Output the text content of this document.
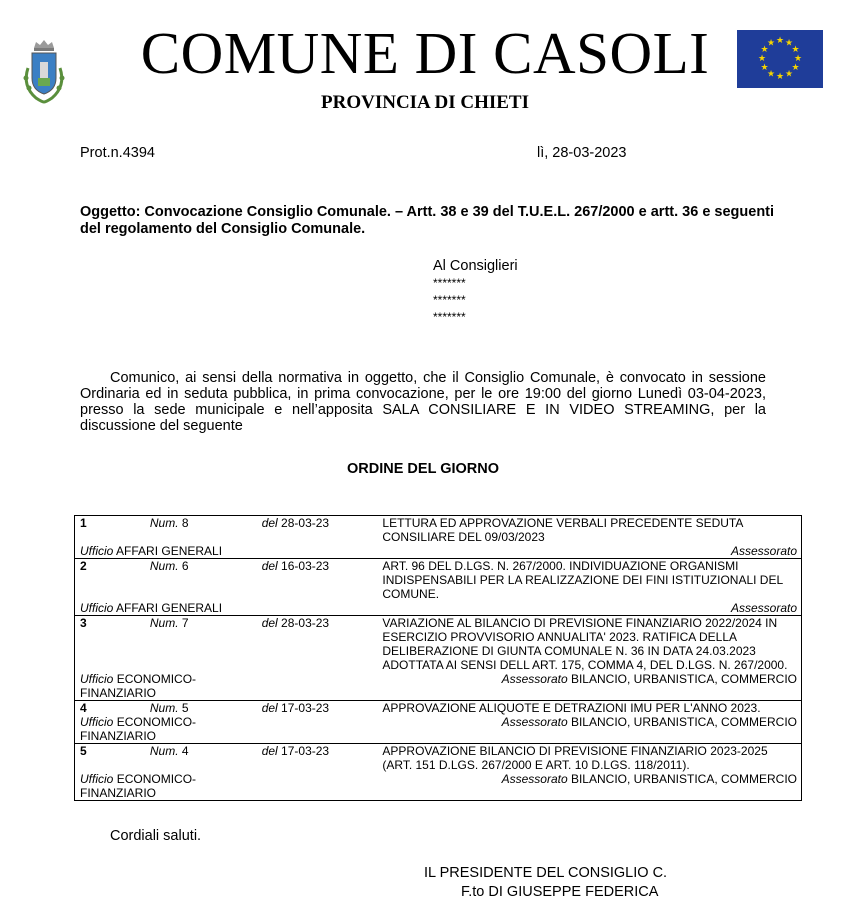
COMUNE DI CASOLI
PROVINCIA DI CHIETI
★ ★
★
★
★
★
★
★
★
★
★
★
Prot.n.4394	lì, 28-03-2023
Oggetto: Convocazione Consiglio Comunale. – Artt. 38 e 39 del T.U.E.L. 267/2000 e artt. 36 e seguenti del regolamento del Consiglio Comunale.
Al Consiglieri
*******
*******
*******
Comunico, ai sensi della normativa in oggetto, che il Consiglio Comunale, è convocato in sessione Ordinaria ed in seduta pubblica, in prima convocazione, per le ore 19:00 del giorno Lunedì 03-04-2023, presso la sede municipale e nell’apposita SALA CONSILIARE E IN VIDEO STREAMING, per la discussione del seguente
ORDINE DEL GIORNO
1	Num. 8	del 28-03-23	LETTURA ED APPROVAZIONE VERBALI PRECEDENTE SEDUTA CONSILIARE DEL 09/03/2023
Ufficio AFFARI GENERALI		Assessorato	
2	Num. 6	del 16-03-23	ART. 96 DEL D.LGS. N. 267/2000. INDIVIDUAZIONE ORGANISMI INDISPENSABILI PER LA REALIZZAZIONE DEI FINI ISTITUZIONALI DEL COMUNE.
Ufficio AFFARI GENERALI		Assessorato	
3	Num. 7	del 28-03-23	VARIAZIONE AL BILANCIO DI PREVISIONE FINANZIARIO 2022/2024 IN ESERCIZIO PROVVISORIO ANNUALITA' 2023. RATIFICA DELLA DELIBERAZIONE DI GIUNTA COMUNALE N. 36 IN DATA 24.03.2023 ADOTTATA AI SENSI DELL ART. 175, COMMA 4, DEL D.LGS. N. 267/2000.
Ufficio ECONOMICO-FINANZIARIO		Assessorato BILANCIO, URBANISTICA, COMMERCIO	
4	Num. 5	del 17-03-23	APPROVAZIONE ALIQUOTE E DETRAZIONI IMU PER L'ANNO 2023.
Ufficio ECONOMICO-FINANZIARIO		Assessorato BILANCIO, URBANISTICA, COMMERCIO	
5	Num. 4	del 17-03-23	APPROVAZIONE BILANCIO DI PREVISIONE FINANZIARIO 2023-2025 (ART. 151 D.LGS. 267/2000 E ART. 10 D.LGS. 118/2011).
Ufficio ECONOMICO-FINANZIARIO		Assessorato BILANCIO, URBANISTICA, COMMERCIO	
Cordiali saluti.
IL PRESIDENTE DEL CONSIGLIO C.
F.to DI GIUSEPPE FEDERICA
